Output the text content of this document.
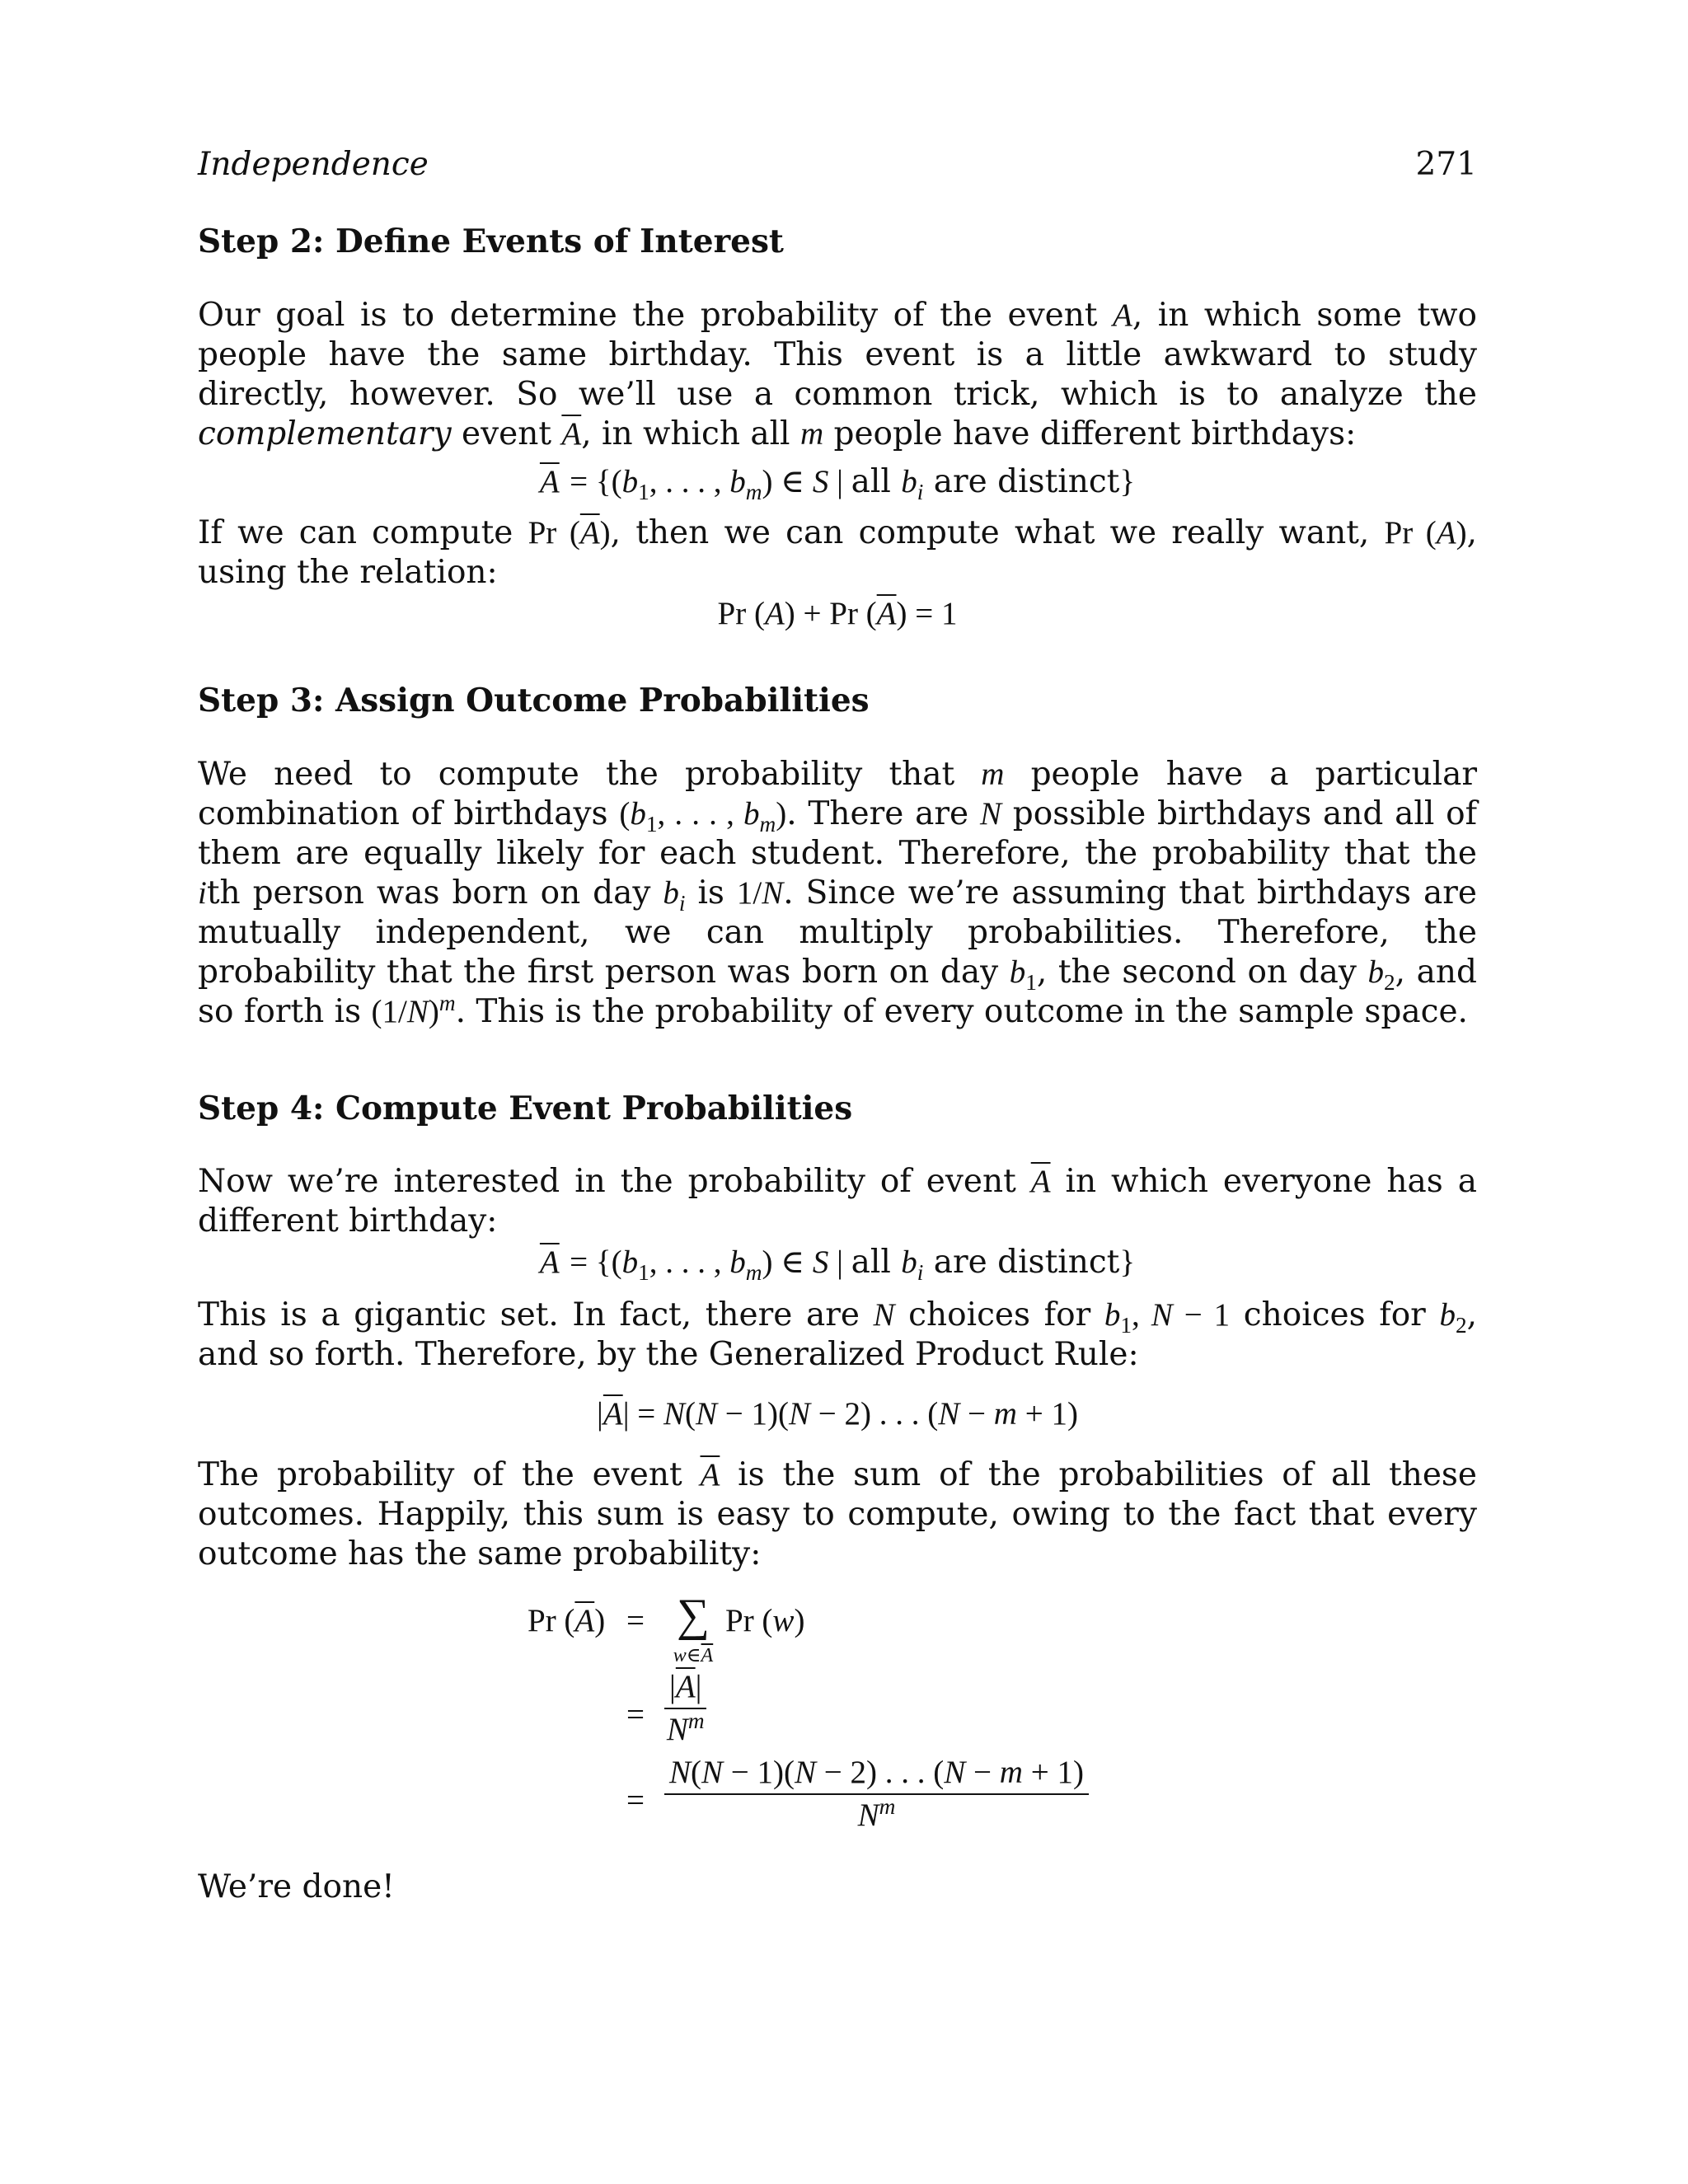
Independence	271
Step 2: Define Events of Interest

Our goal is to determine the probability of the event A, in which some two people have the same birthday. This event is a little awkward to study directly, however. So we’ll use a common trick, which is to analyze the complementary event $\overline{A}$, in which all m people have different birthdays:

$\overline{A} = \{(b_1$, . . . , $b_m$) ∈ S | all $b_i$ are distinct}

If we can compute Pr $(\overline{A})$, then we can compute what we really want, Pr (A), using the relation:

Pr (A) + Pr $(\overline{A}) = 1$
Step 3: Assign Outcome Probabilities

We need to compute the probability that m people have a particular combination of birthdays ($b_1$, . . . , $b_m$). There are N possible birthdays and all of them are equally likely for each student. Therefore, the probability that the ith person was born on day $b_i$ is 1/N. Since we’re assuming that birthdays are mutually independent, we can multiply probabilities. Therefore, the probability that the first person was born on day $b_1$, the second on day $b_2$, and so forth is $(1/N)^m$. This is the probability of every outcome in the sample space.

Step 4: Compute Event Probabilities

Now we’re interested in the probability of event $\overline{A}$ in which everyone has a different birthday:

$\overline{A} = \{(b_1$, . . . , $b_m$) ∈ S | all $b_i$ are distinct}

This is a gigantic set. In fact, there are N choices for $b_1$, N − 1 choices for $b_2$, and so forth. Therefore, by the Generalized Product Rule:

$|\overline{A}| = N(N - 1)(N - 2)$ . . . (N − m + 1)

The probability of the event $\overline{A}$ is the sum of the probabilities of all these outcomes. Happily, this sum is easy to compute, owing to the fact that every outcome has the same probability:

Pr $(\overline{A})$ = ∑
$w\in\overline{A}$
Pr (w)
= $\frac{|\overline{A}|}{N^m}$
= $\frac{N(N - 1)(N - 2) . . . (N - m + 1)}{N^m}$

We’re done!
